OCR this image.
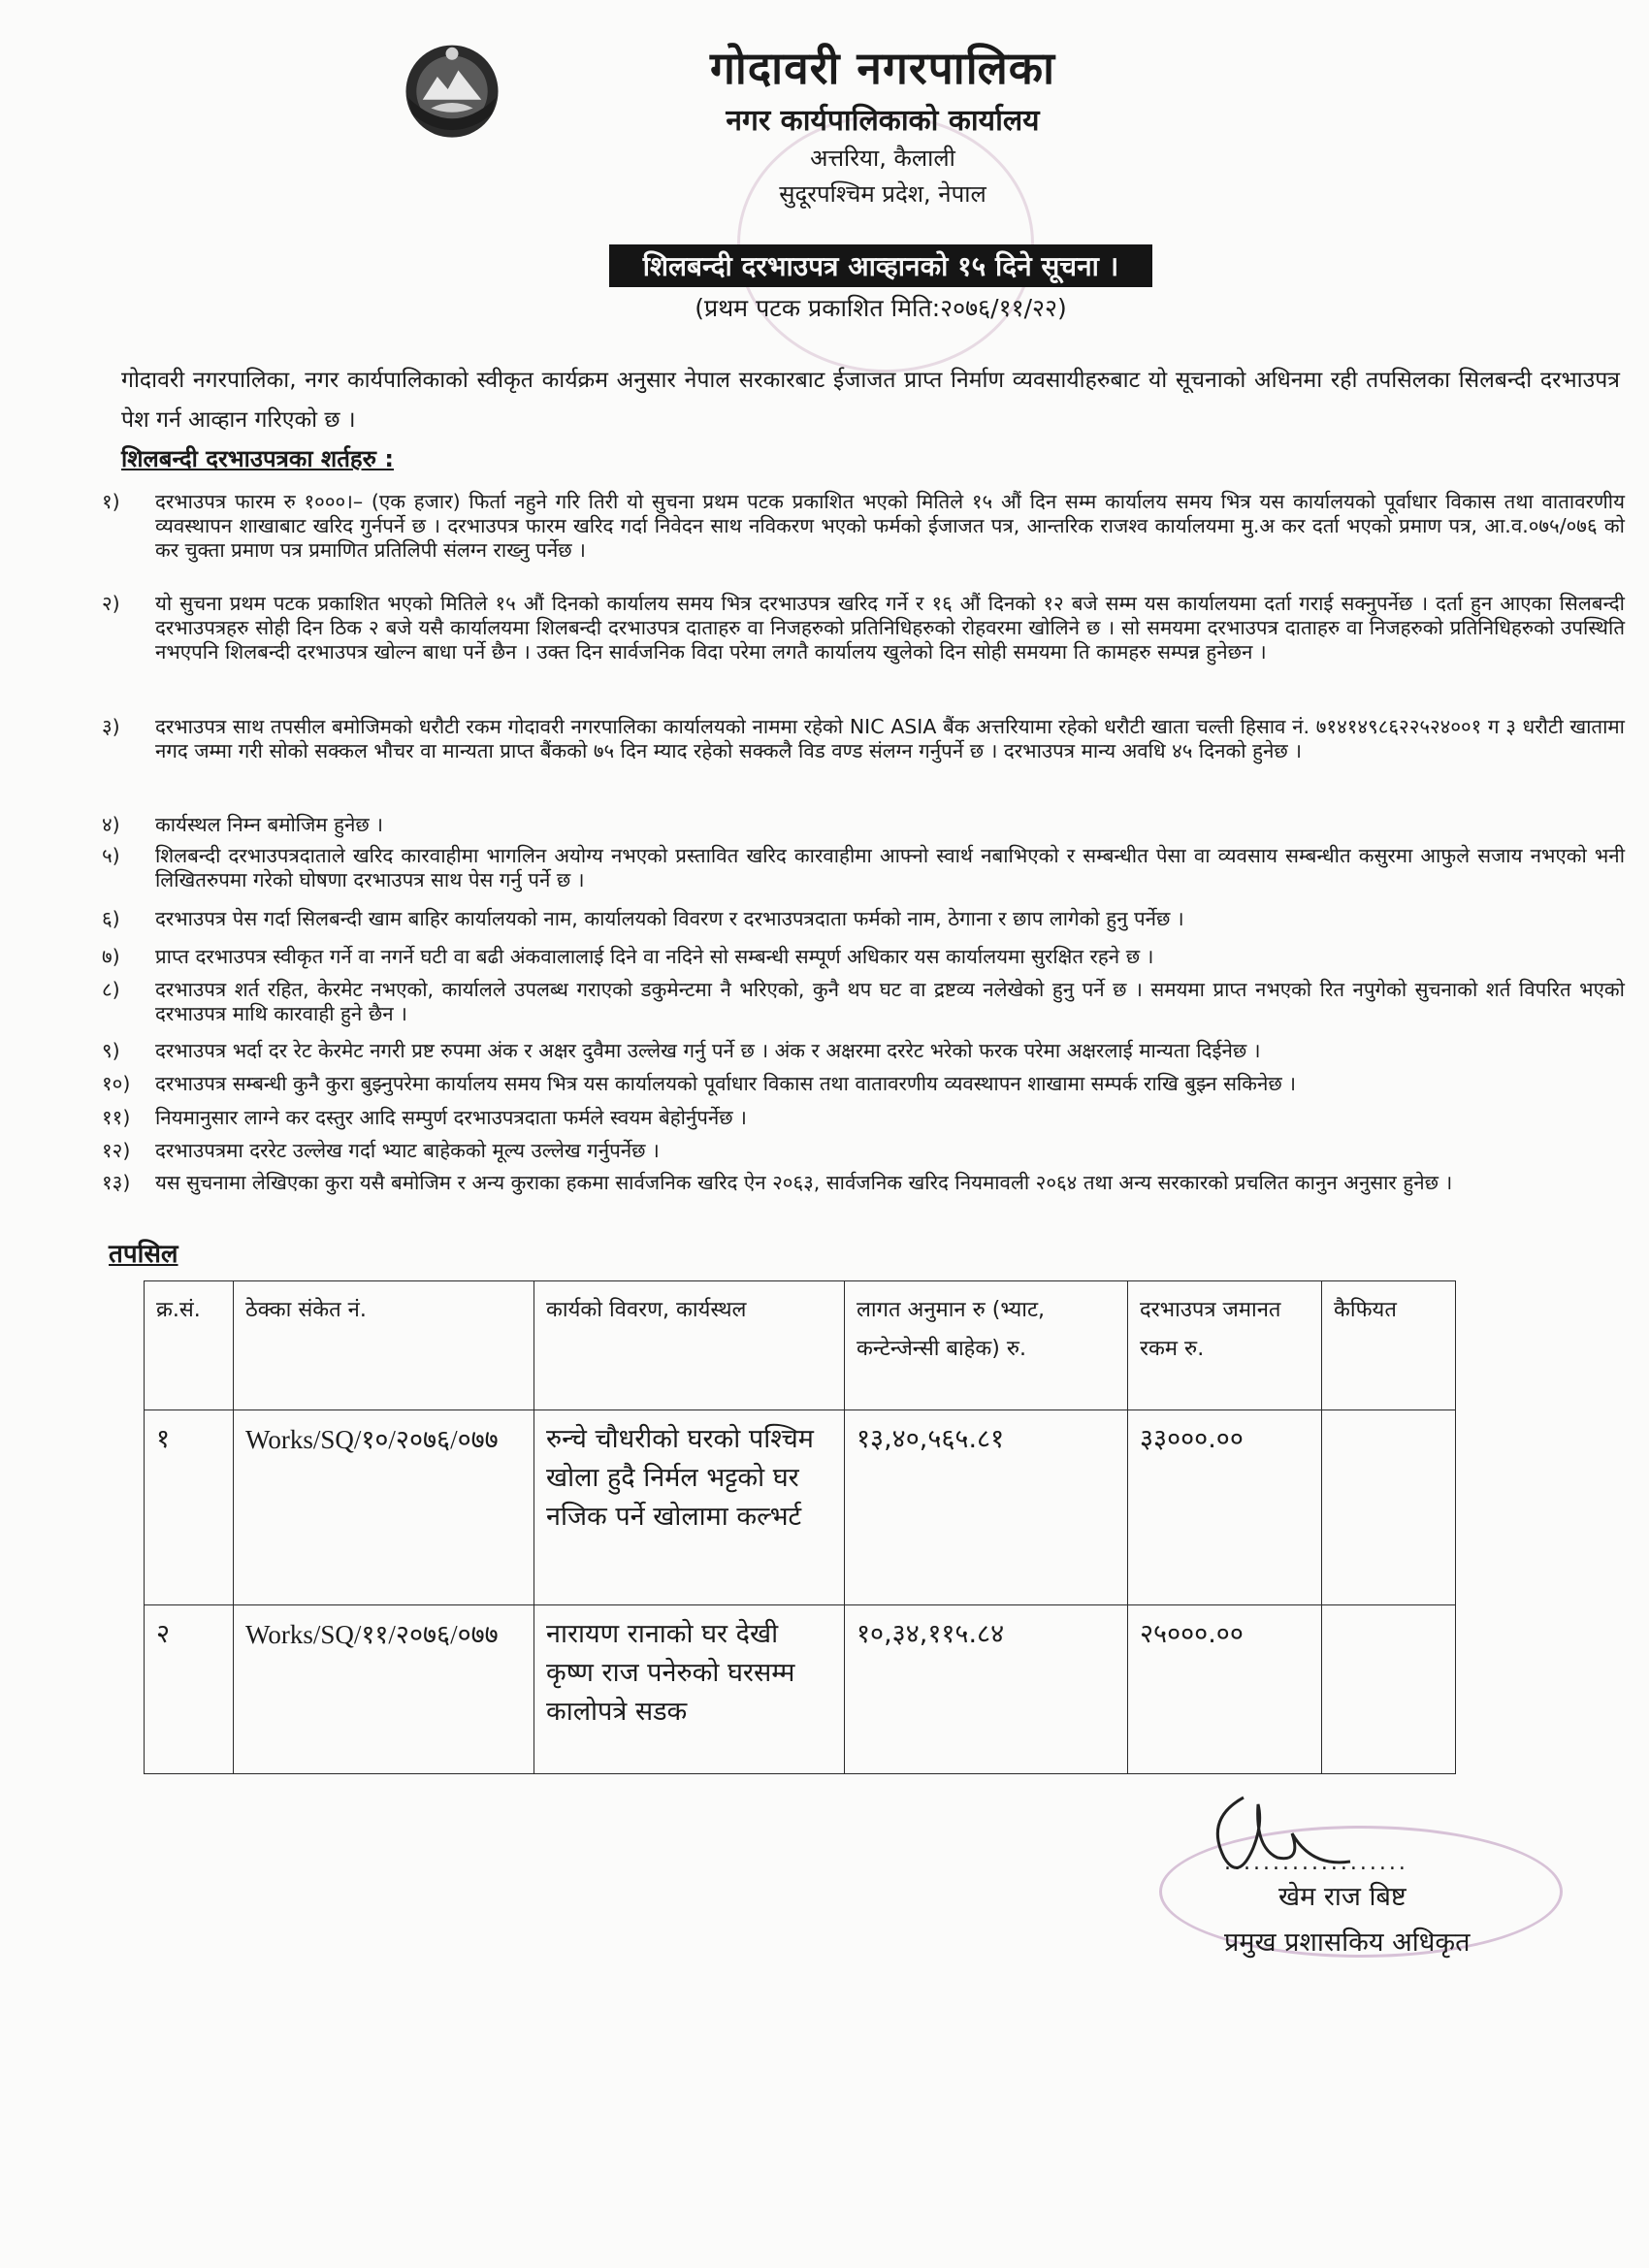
गोदावरी नगरपालिका
नगर कार्यपालिकाको कार्यालय
अत्तरिया, कैलाली
सुदूरपश्चिम प्रदेश, नेपाल
शिलबन्दी दरभाउपत्र आव्हानको १५ दिने सूचना ।
(प्रथम पटक प्रकाशित मिति:२०७६/११/२२)
गोदावरी नगरपालिका, नगर कार्यपालिकाको स्वीकृत कार्यक्रम अनुसार नेपाल सरकारबाट ईजाजत प्राप्त निर्माण व्यवसायीहरुबाट यो सूचनाको अधिनमा रही तपसिलका सिलबन्दी दरभाउपत्र पेश गर्न आव्हान गरिएको छ ।
शिलबन्दी दरभाउपत्रका शर्तहरु :
१)	दरभाउपत्र फारम रु १०००।– (एक हजार) फिर्ता नहुने गरि तिरी यो सुचना प्रथम पटक प्रकाशित भएको मितिले १५ औं दिन सम्म कार्यालय समय भित्र यस कार्यालयको पूर्वाधार विकास तथा वातावरणीय व्यवस्थापन शाखाबाट खरिद गुर्नपर्ने छ । दरभाउपत्र फारम खरिद गर्दा निवेदन साथ नविकरण भएको फर्मको ईजाजत पत्र, आन्तरिक राजश्व कार्यालयमा मु.अ कर दर्ता भएको प्रमाण पत्र, आ.व.०७५/०७६ को कर चुक्ता प्रमाण पत्र प्रमाणित प्रतिलिपी संलग्न राख्नु पर्नेछ ।
२)	यो सुचना प्रथम पटक प्रकाशित भएको मितिले १५ औं दिनको कार्यालय समय भित्र दरभाउपत्र खरिद गर्ने र १६ औं दिनको १२ बजे सम्म यस कार्यालयमा दर्ता गराई सक्नुपर्नेछ । दर्ता हुन आएका सिलबन्दी दरभाउपत्रहरु सोही दिन ठिक २ बजे यसै कार्यालयमा शिलबन्दी दरभाउपत्र दाताहरु वा निजहरुको प्रतिनिधिहरुको रोहवरमा खोलिने छ । सो समयमा दरभाउपत्र दाताहरु वा निजहरुको प्रतिनिधिहरुको उपस्थिति नभएपनि शिलबन्दी दरभाउपत्र खोल्न बाधा पर्ने छैन । उक्त दिन सार्वजनिक विदा परेमा लगतै कार्यालय खुलेको दिन सोही समयमा ति कामहरु सम्पन्न हुनेछन ।
३)	दरभाउपत्र साथ तपसील बमोजिमको धरौटी रकम गोदावरी नगरपालिका कार्यालयको नाममा रहेको NIC ASIA बैंक अत्तरियामा रहेको धरौटी खाता चल्ती हिसाव नं. ७१४१४९८६२२५२४००१ ग ३ धरौटी खातामा नगद जम्मा गरी सोको सक्कल भौचर वा मान्यता प्राप्त बैंकको ७५ दिन म्याद रहेको सक्कलै विड वण्ड संलग्न गर्नुपर्ने छ । दरभाउपत्र मान्य अवधि ४५ दिनको हुनेछ ।
४)	कार्यस्थल निम्न बमोजिम हुनेछ ।
५)	शिलबन्दी दरभाउपत्रदाताले खरिद कारवाहीमा भागलिन अयोग्य नभएको प्रस्तावित खरिद कारवाहीमा आफ्नो स्वार्थ नबाभिएको र सम्बन्धीत पेसा वा व्यवसाय सम्बन्धीत कसुरमा आफुले सजाय नभएको भनी लिखितरुपमा गरेको घोषणा दरभाउपत्र साथ पेस गर्नु पर्ने छ ।
६)	दरभाउपत्र पेस गर्दा सिलबन्दी खाम बाहिर कार्यालयको नाम, कार्यालयको विवरण र दरभाउपत्रदाता फर्मको नाम, ठेगाना र छाप लागेको हुनु पर्नेछ ।
७)	प्राप्त दरभाउपत्र स्वीकृत गर्ने वा नगर्ने घटी वा बढी अंकवालालाई दिने वा नदिने सो सम्बन्धी सम्पूर्ण अधिकार यस कार्यालयमा सुरक्षित रहने छ ।
८)	दरभाउपत्र शर्त रहित, केरमेट नभएको, कार्यालले उपलब्ध गराएको डकुमेन्टमा नै भरिएको, कुनै थप घट वा द्रष्टव्य नलेखेको हुनु पर्ने छ । समयमा प्राप्त नभएको रित नपुगेको सुचनाको शर्त विपरित भएको दरभाउपत्र माथि कारवाही हुने छैन ।
९)	दरभाउपत्र भर्दा दर रेट केरमेट नगरी प्रष्ट रुपमा अंक र अक्षर दुवैमा उल्लेख गर्नु पर्ने छ । अंक र अक्षरमा दररेट भरेको फरक परेमा अक्षरलाई मान्यता दिईनेछ ।
१०)	दरभाउपत्र सम्बन्धी कुनै कुरा बुझ्नुपरेमा कार्यालय समय भित्र यस कार्यालयको पूर्वाधार विकास तथा वातावरणीय व्यवस्थापन शाखामा सम्पर्क राखि बुझ्न सकिनेछ ।
११)	नियमानुसार लाग्ने कर दस्तुर आदि सम्पुर्ण दरभाउपत्रदाता फर्मले स्वयम बेहोर्नुपर्नेछ ।
१२)	दरभाउपत्रमा दररेट उल्लेख गर्दा भ्याट बाहेकको मूल्य उल्लेख गर्नुपर्नेछ ।
१३)	यस सुचनामा लेखिएका कुरा यसै बमोजिम र अन्य कुराका हकमा सार्वजनिक खरिद ऐन २०६३, सार्वजनिक खरिद नियमावली २०६४ तथा अन्य सरकारको प्रचलित कानुन अनुसार हुनेछ ।
तपसिल
क्र.सं.	ठेक्का संकेत नं.	कार्यको विवरण, कार्यस्थल	लागत अनुमान रु (भ्याट, कन्टेन्जेन्सी बाहेक) रु.	दरभाउपत्र जमानत रकम रु.	कैफियत
१	Works/SQ/१०/२०७६/०७७	रुन्चे चौधरीको घरको पश्चिम खोला हुदै निर्मल भट्टको घर नजिक पर्ने खोलामा कल्भर्ट	१३,४०,५६५.८१	३३०००.००	
२	Works/SQ/११/२०७६/०७७	नारायण रानाको घर देखी कृष्ण राज पनेरुको घरसम्म कालोपत्रे सडक	१०,३४,११५.८४	२५०००.००	
...................
खेम राज बिष्ट
प्रमुख प्रशासकिय अधिकृत
